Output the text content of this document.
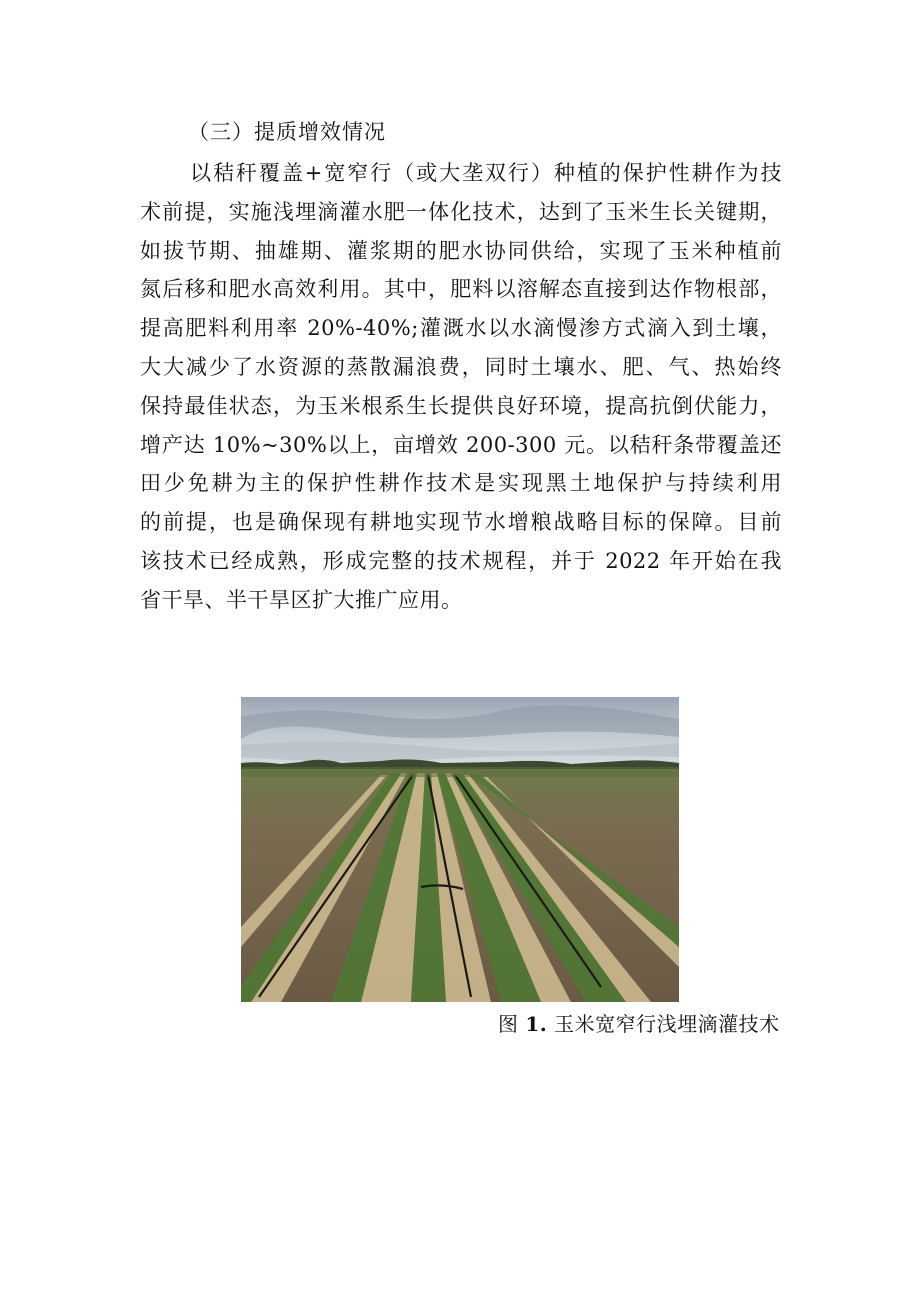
（三）提质增效情况
以秸秆覆盖+宽窄行（或大垄双行）种植的保护性耕作为技
术前提，实施浅埋滴灌水肥一体化技术，达到了玉米生长关键期，
如拔节期、抽雄期、灌浆期的肥水协同供给，实现了玉米种植前
氮后移和肥水高效利用。其中，肥料以溶解态直接到达作物根部，
提高肥料利用率 20%-40%;灌溉水以水滴慢渗方式滴入到土壤，
大大减少了水资源的蒸散漏浪费，同时土壤水、肥、气、热始终
保持最佳状态，为玉米根系生长提供良好环境，提高抗倒伏能力，
增产达 10%~30%以上，亩增效 200-300 元。以秸秆条带覆盖还
田少免耕为主的保护性耕作技术是实现黑土地保护与持续利用
的前提，也是确保现有耕地实现节水增粮战略目标的保障。目前
该技术已经成熟，形成完整的技术规程，并于 2022 年开始在我
省干旱、半干旱区扩大推广应用。
图 1. 玉米宽窄行浅埋滴灌技术
